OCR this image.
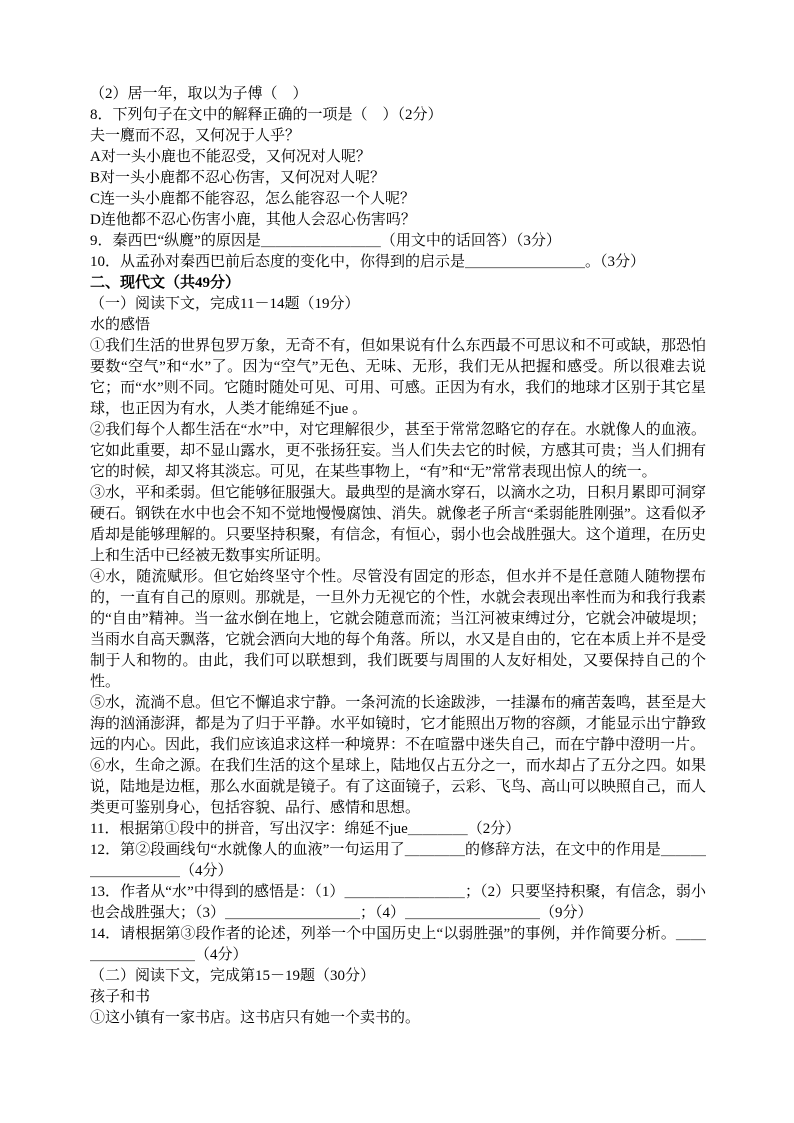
（2）居一年，取以为子傅（　）

8．下列句子在文中的解释正确的一项是（　）（2分）

夫一麑而不忍，又何况于人乎？

A对一头小鹿也不能忍受，又何况对人呢？

B对一头小鹿都不忍心伤害，又何况对人呢？

C连一头小鹿都不能容忍，怎么能容忍一个人呢？

D连他都不忍心伤害小鹿，其他人会忍心伤害吗？

9．秦西巴“纵麑”的原因是＿＿＿＿＿＿＿＿（用文中的话回答）（3分）

10．从孟孙对秦西巴前后态度的变化中，你得到的启示是＿＿＿＿＿＿＿＿。（3分）

二、现代文（共49分）

（一）阅读下文，完成11－14题（19分）

水的感悟

①我们生活的世界包罗万象，无奇不有，但如果说有什么东西最不可思议和不可或缺，那恐怕要数“空气”和“水”了。因为“空气”无色、无味、无形，我们无从把握和感受。所以很难去说它；而“水”则不同。它随时随处可见、可用、可感。正因为有水，我们的地球才区别于其它星球，也正因为有水，人类才能绵延不jue 。

②我们每个人都生活在“水”中，对它理解很少，甚至于常常忽略它的存在。水就像人的血液。它如此重要，却不显山露水，更不张扬狂妄。当人们失去它的时候，方感其可贵；当人们拥有它的时候，却又将其淡忘。可见，在某些事物上，“有”和“无”常常表现出惊人的统一。

③水，平和柔弱。但它能够征服强大。最典型的是滴水穿石，以滴水之功，日积月累即可洞穿硬石。钢铁在水中也会不知不觉地慢慢腐蚀、消失。就像老子所言“柔弱能胜刚强”。这看似矛盾却是能够理解的。只要坚持积聚，有信念，有恒心，弱小也会战胜强大。这个道理，在历史上和生活中已经被无数事实所证明。

④水，随流赋形。但它始终坚守个性。尽管没有固定的形态，但水并不是任意随人随物摆布的，一直有自己的原则。那就是，一旦外力无视它的个性，水就会表现出率性而为和我行我素的“自由”精神。当一盆水倒在地上，它就会随意而流；当江河被束缚过分，它就会冲破堤坝；当雨水自高天飘落，它就会洒向大地的每个角落。所以，水又是自由的，它在本质上并不是受制于人和物的。由此，我们可以联想到，我们既要与周围的人友好相处，又要保持自己的个性。

⑤水，流淌不息。但它不懈追求宁静。一条河流的长途跋涉，一挂瀑布的痛苦轰鸣，甚至是大海的汹涌澎湃，都是为了归于平静。水平如镜时，它才能照出万物的容颜，才能显示出宁静致远的内心。因此，我们应该追求这样一种境界：不在喧嚣中迷失自己，而在宁静中澄明一片。

⑥水，生命之源。在我们生活的这个星球上，陆地仅占五分之一，而水却占了五分之四。如果说，陆地是边框，那么水面就是镜子。有了这面镜子，云彩、飞鸟、高山可以映照自己，而人类更可鉴别身心，包括容貌、品行、感情和思想。

11．根据第①段中的拼音，写出汉字：绵延不jue＿＿＿＿（2分）

12．第②段画线句“水就像人的血液”一句运用了＿＿＿＿的修辞方法，在文中的作用是＿＿＿＿＿＿＿＿＿（4分）

13．作者从“水”中得到的感悟是：（1）＿＿＿＿＿＿＿＿；（2）只要坚持积聚，有信念，弱小也会战胜强大；（3）＿＿＿＿＿＿＿＿＿；（4）＿＿＿＿＿＿＿＿＿（9分）

14．请根据第③段作者的论述，列举一个中国历史上“以弱胜强”的事例，并作简要分析。＿＿＿＿＿＿＿＿＿（4分）

（二）阅读下文，完成第15－19题（30分）

孩子和书

①这小镇有一家书店。这书店只有她一个卖书的。
